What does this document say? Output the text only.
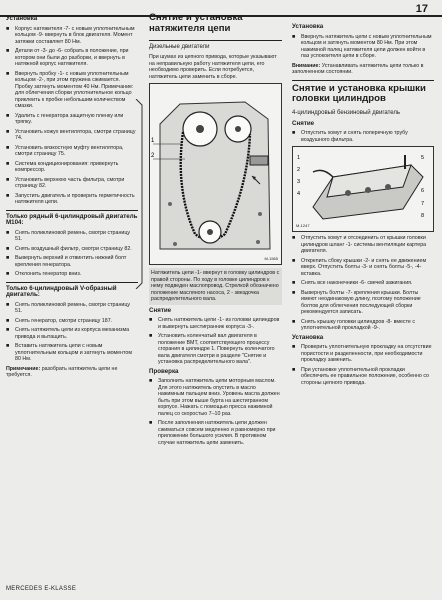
17
Установка
■ Корпус натяжителя -7- с новым уплотнительным кольцом -9- ввернуть в блок двигателя. Момент затяжки составляет 80 Нм.
■ Детали от -3- до -6- собрать в положение, при котором они были до разборки, и ввернуть в натяжной корпус натяжителя.
■ Ввернуть пробку -1- с новым уплотнительным кольцом -2-, при этом пружина сжимается. Пробку затянуть моментом 40 Нм. Примечание: для облегчения сборки уплотнительное кольцо приклеить к пробке небольшим количеством смазки.
■ Удалить с генератора защитную пленку или тряпку.
■ Установить кожух вентилятора, смотри страницу 74.
■ Установить вязкостную муфту вентилятора, смотри страницу 75.
■ Система кондиционирования: привернуть компрессор.
■ Установить верхнюю часть фильтра, смотри страницу 82.
■ Запустить двигатель и проверить герметичность натяжителя цепи.
Только рядный 6-цилиндровый двигатель М104:
■ Снять поликлиновой ремень, смотри страницу 51.
■ Снять воздушный фильтр, смотри страницу 82.
■ Вывернуть верхний и отвинтить нижний болт крепления генератора.
■ Отклонить генератор вниз.
Только 6-цилиндровый V-образный двигатель:
■ Снять поликлиновой ремень, смотри страницу 51.
■ Снять генератор, смотри страницу 187.
■ Снять натяжитель цепи из корпуса механизма привода и вытащить.
■ Вставить натяжитель цепи с новым уплотнительным кольцом и затянуть моментом 80 Нм.
Примечание: разобрать натяжитель цепи не требуется.
Снятие и установка натяжителя цепи
Дизельные двигатели
При шумах из цепного привода, которые указывают на неправильную работу натяжителя цепи, его необходимо проверить. Если потребуется, натяжитель цепи заменить в сборе.
1
2
M-1565
Натяжитель цепи -1- ввернут в головку цилиндров с правой стороны. По ходу в головке цилиндров к нему подведен маслопровод. Стрелкой обозначено положение масляного насоса, 2 - звездочка распределительного вала.
Снятие
■ Снять натяжитель цепи -1- из головки цилиндров и вывернуть шестигранник корпуса -3-.
■ Установить коленчатый вал двигателя в положение ВМТ, соответствующего процессу сгорания в цилиндре 1. Повернуть коленчатого вала двигателя смотри в разделе "Снятие и установка распределительного вала".
Проверка
■ Заполнить натяжитель цепи моторным маслом. Для этого натяжитель опустить в масло нажимным пальцем вниз. Уровень масла должен быть при этом выше бурта на шестигранном корпусе. Нажать с помощью пресса нажимной палец со скоростью 7–10 раз.
■ После заполнения натяжитель цепи должен сжиматься совсем медленно и равномерно при приложении большого усилия. В противном случае натяжитель цепи заменить.
Установка
■ Ввернуть натяжитель цепи с новым уплотнительным кольцом и затянуть моментом 80 Нм. При этом нажимной палец натяжителя цепи должен войти в паз успокоителя цепи в сборе.
Внимание: Устанавливать натяжитель цепи только в заполненном состоянии.
Снятие и установка крышки головки цилиндров
4-цилиндровый бензиновый двигатель
Снятие
■ Отпустить хомут и снять поперечную трубу воздушного фильтра.
1
2
3
4
5
6
7
8
M-1247
■ Отпустить хомут и отсоединить от крышки головки цилиндров шланг -1- системы вентиляции картера двигателя.
■ Открепить сбоку крышки -2- и снять ее движением вверх. Отпустить болты -3- и снять болты -5-, -4- вставка.
■ Снять все наконечники -6- свечей зажигания.
■ Вывернуть болты -7- крепления крышки. Болты имеют неодинаковую длину, поэтому положение болтов для облегчения последующей сборки рекомендуется записать.
■ Снять крышку головки цилиндров -8- вместе с уплотнительной прокладкой -9-.
Установка
■ Проверить уплотнительную прокладку на отсутствие пористости и разделенности, при необходимости прокладку заменить.
■ При установке уплотнительной прокладки обеспечить ее правильное положение, особенно со стороны цепного привода.
MERCEDES E-KLASSE
